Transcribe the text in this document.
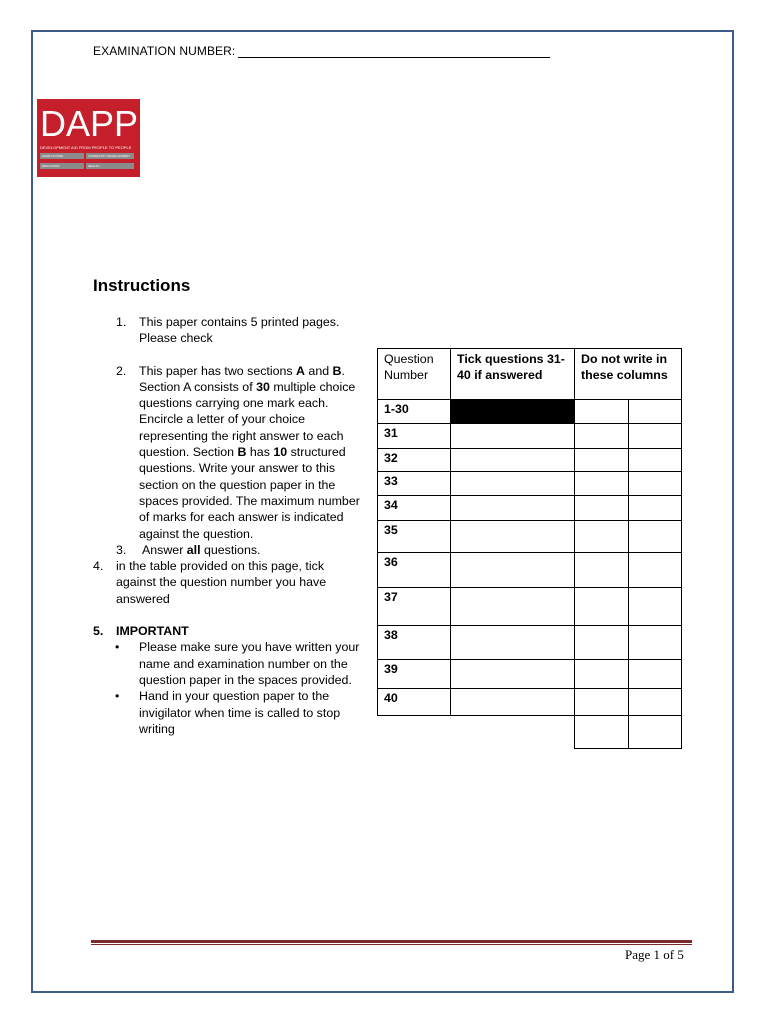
EXAMINATION NUMBER:
DAPP
DEVELOPMENT AID FROM PEOPLE TO PEOPLE
AGRICULTURE	COMMUNITY DEVELOPMENT
EDUCATION	HEALTH
Instructions
1. This paper contains 5 printed pages. Please check
2. This paper has two sections A and B. Section A consists of 30 multiple choice questions carrying one mark each. Encircle a letter of your choice representing the right answer to each question. Section B has 10 structured questions. Write your answer to this section on the question paper in the spaces provided. The maximum number of marks for each answer is indicated against the question.
3. Answer all questions.
4. in the table provided on this page, tick against the question number you have answered
5. IMPORTANT
• Please make sure you have written your name and examination number on the question paper in the spaces provided.
• Hand in your question paper to the invigilator when time is called to stop writing
Question Number	Tick questions 31-40 if answered	Do not write in these columns	
1-30			
31			
32			
33			
34			
35			
36			
37			
38			
39			
40			

Page 1 of 5
